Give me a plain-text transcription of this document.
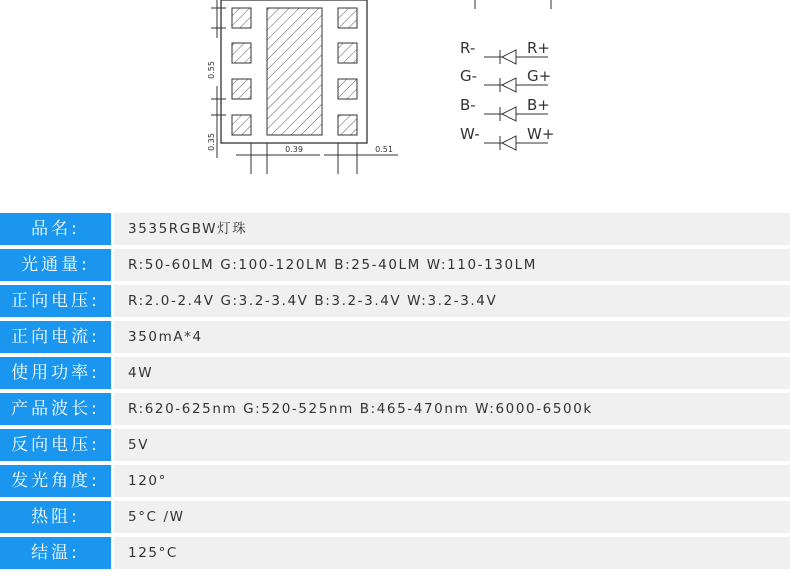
0.55
0.35	0.39	0.51
R-	R+
G-	G+
B-	B+
W-	W+
品名:	3535RGBW灯珠
光通量:	R:50-60LM G:100-120LM B:25-40LM W:110-130LM
正向电压:	R:2.0-2.4V G:3.2-3.4V B:3.2-3.4V W:3.2-3.4V
正向电流:	350mA*4
使用功率:	4W
产品波长:	R:620-625nm G:520-525nm B:465-470nm W:6000-6500k
反向电压:	5V
发光角度:	120°
热阻:	5°C /W
结温:	125°C
